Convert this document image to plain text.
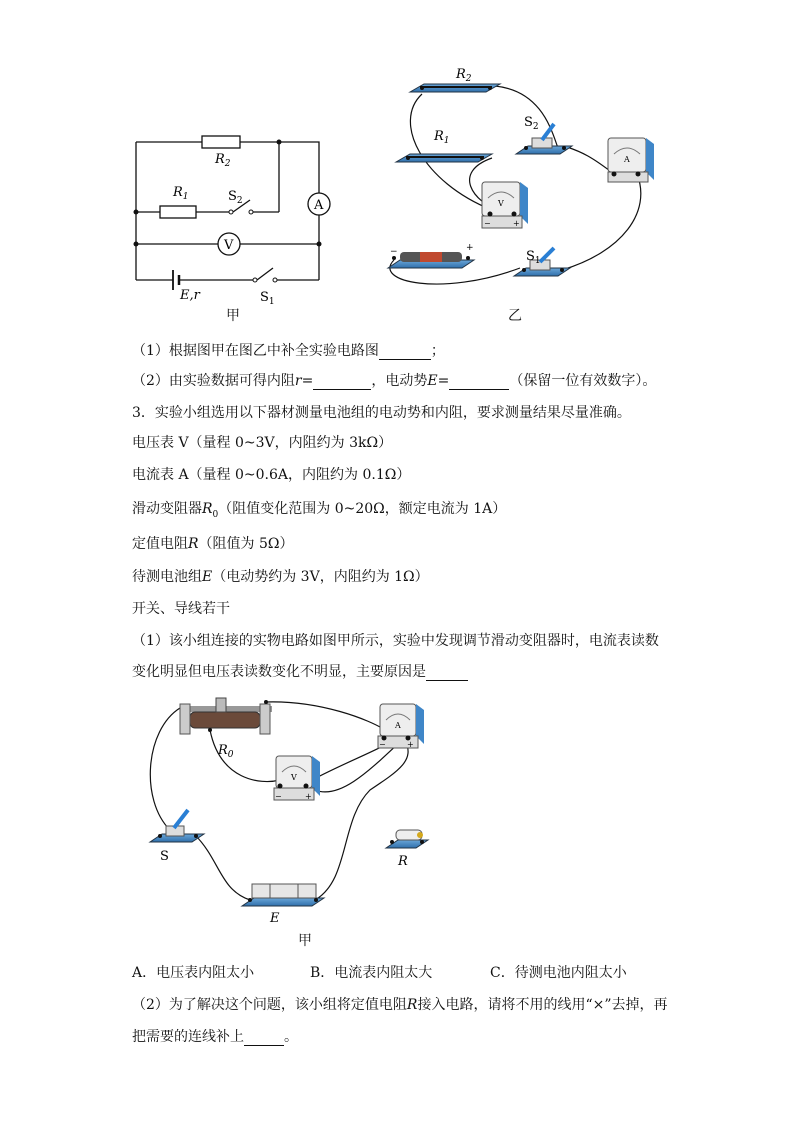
$R_2$
$R_1$	$S_2$	A
V
E,r	$S_1$
甲
$R_2$
$R_1$
$S_2$
A
V
−	+
−	+
$S_1$
乙
（1）根据图甲在图乙中补全实验电路图	；
（2）由实验数据可得内阻r=	，电动势E=	（保留一位有效数字）。
3．实验小组选用以下器材测量电池组的电动势和内阻，要求测量结果尽量准确。
电压表 V（量程 0~3V，内阻约为 3kΩ）
电流表 A（量程 0~0.6A，内阻约为 0.1Ω）
滑动变阻器$R_0$（阻值变化范围为 0~20Ω，额定电流为 1A）
定值电阻R（阻值为 5Ω）
待测电池组E（电动势约为 3V，内阻约为 1Ω）
开关、导线若干
（1）该小组连接的实物电路如图甲所示，实验中发现调节滑动变阻器时，电流表读数
变化明显但电压表读数变化不明显，主要原因是
$R_0$
A
−	+
V
−	+
S	R
E
甲
A．电压表内阻太小	B．电流表内阻太大	C．待测电池内阻太小
（2）为了解决这个问题，该小组将定值电阻R接入电路，请将不用的线用“×”去掉，再
把需要的连线补上	。
